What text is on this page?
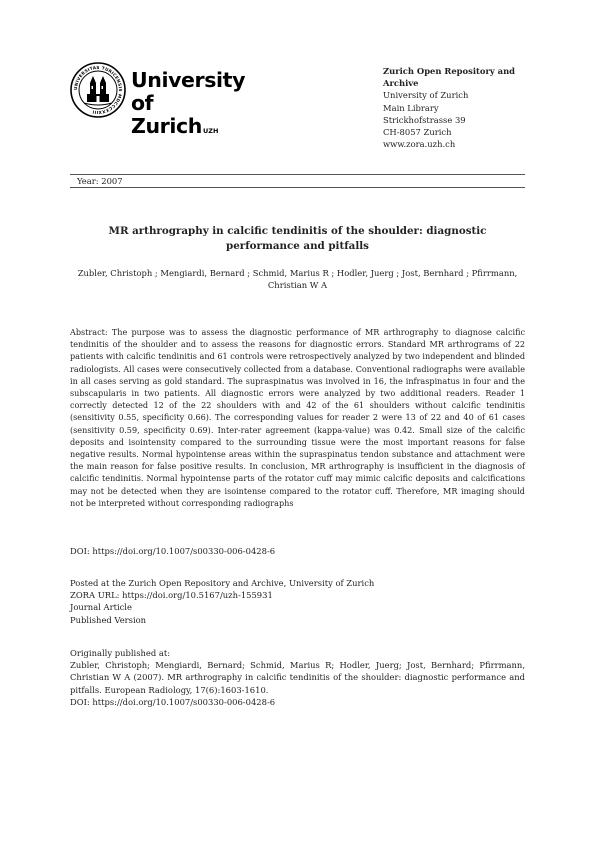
UNIVERSITAS TURICENSIS MDCCCXXXIII
University of
Zurich$^{UZH}$
Zurich Open Repository and
Archive
University of Zurich
Main Library
Strickhofstrasse 39
CH-8057 Zurich
www.zora.uzh.ch
Year: 2007
MR arthrography in calcific tendinitis of the shoulder: diagnostic performance and pitfalls
Zubler, Christoph ; Mengiardi, Bernard ; Schmid, Marius R ; Hodler, Juerg ; Jost, Bernhard ; Pfirrmann, Christian W A
Abstract: The purpose was to assess the diagnostic performance of MR arthrography to diagnose calcific tendinitis of the shoulder and to assess the reasons for diagnostic errors. Standard MR arthrograms of 22 patients with calcific tendinitis and 61 controls were retrospectively analyzed by two independent and blinded radiologists. All cases were consecutively collected from a database. Conventional radiographs were available in all cases serving as gold standard. The supraspinatus was involved in 16, the infraspinatus in four and the subscapularis in two patients. All diagnostic errors were analyzed by two additional readers. Reader 1 correctly detected 12 of the 22 shoulders with and 42 of the 61 shoulders without calcific tendinitis (sensitivity 0.55, specificity 0.66). The corresponding values for reader 2 were 13 of 22 and 40 of 61 cases (sensitivity 0.59, specificity 0.69). Inter-rater agreement (kappa-value) was 0.42. Small size of the calcific deposits and isointensity compared to the surrounding tissue were the most important reasons for false negative results. Normal hypointense areas within the supraspinatus tendon substance and attachment were the main reason for false positive results. In conclusion, MR arthrography is insufficient in the diagnosis of calcific tendinitis. Normal hypointense parts of the rotator cuff may mimic calcific deposits and calcifications may not be detected when they are isointense compared to the rotator cuff. Therefore, MR imaging should not be interpreted without corresponding radiographs
DOI: https://doi.org/10.1007/s00330-006-0428-6
Posted at the Zurich Open Repository and Archive, University of Zurich
ZORA URL: https://doi.org/10.5167/uzh-155931
Journal Article
Published Version
Originally published at:
Zubler, Christoph; Mengiardi, Bernard; Schmid, Marius R; Hodler, Juerg; Jost, Bernhard; Pfirrmann, Christian W A (2007). MR arthrography in calcific tendinitis of the shoulder: diagnostic performance and pitfalls. European Radiology, 17(6):1603-1610.
DOI: https://doi.org/10.1007/s00330-006-0428-6
